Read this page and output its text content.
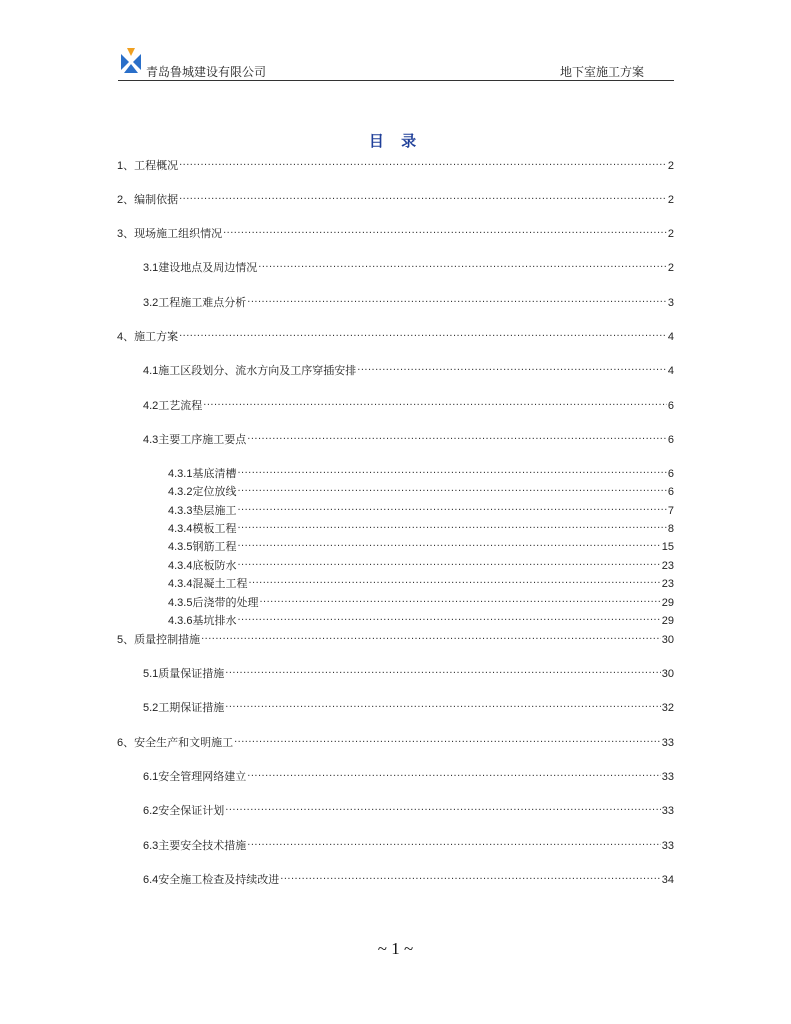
青岛鲁城建设有限公司	地下室施工方案
目 录
1、 工程概况 .....	2
2、 编制依据 .....	2
3、 现场施工组织情况 .....	2
3.1 建设地点及周边情况 .....	2
3.2 工程施工难点分析 .....	3
4、 施工方案 .....	4
4.1 施工区段划分、流水方向及工序穿插安排 .....	4
4.2 工艺流程 .....	6
4.3 主要工序施工要点 .....	6
4.3.1 基底清槽 .....	6
4.3.2 定位放线 .....	6
4.3.3 垫层施工 .....	7
4.3.4 模板工程 .....	8
4.3.5 钢筋工程 .....	15
4.3.4 底板防水 .....	23
4.3.4 混凝土工程 .....	23
4.3.5 后浇带的处理 .....	29
4.3.6 基坑排水 .....	29
5、 质量控制措施 .....	30
5.1 质量保证措施 .....	30
5.2 工期保证措施 .....	32
6、 安全生产和文明施工 .....	33
6.1 安全管理网络建立 .....	33
6.2 安全保证计划 .....	33
6.3 主要安全技术措施 .....	33
6.4 安全施工检查及持续改进 .....	34
~ 1 ~
